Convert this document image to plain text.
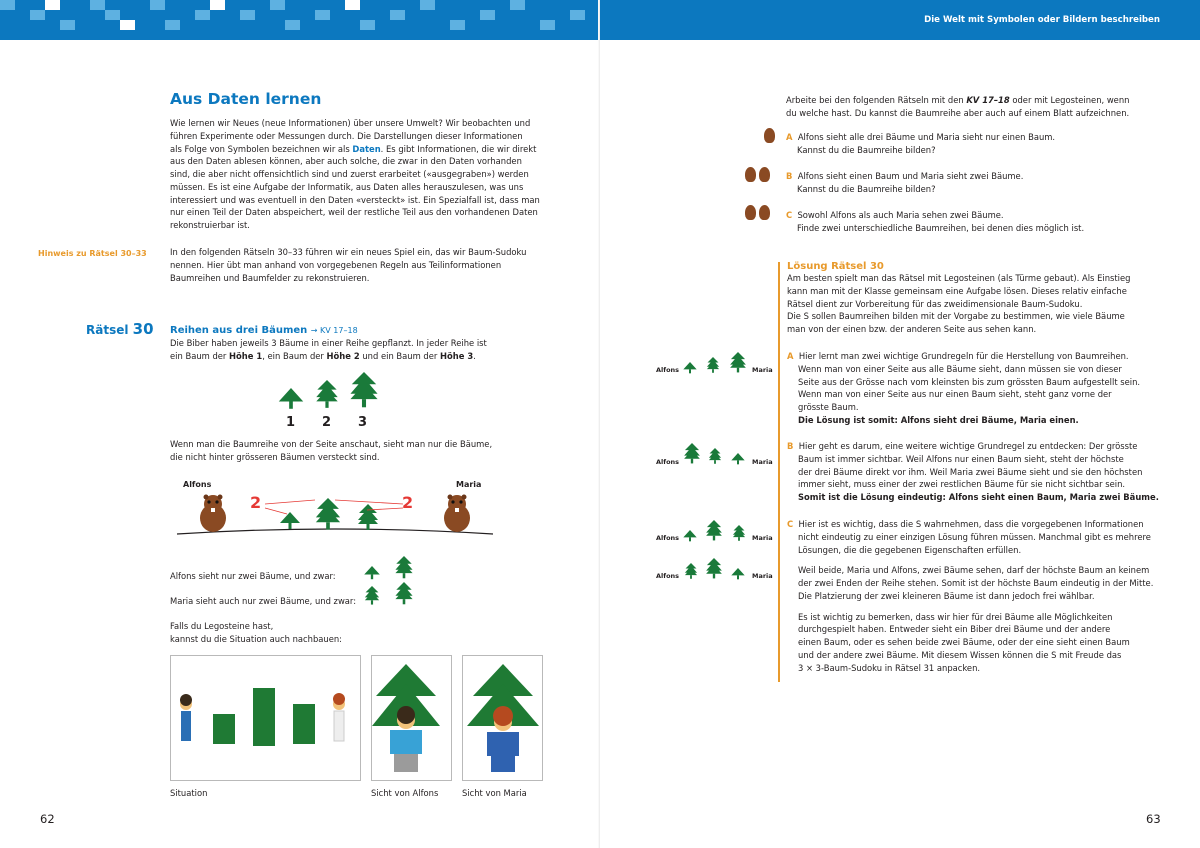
Aus Daten lernen
Wie lernen wir Neues (neue Informationen) über unsere Umwelt? Wir beobachten und
führen Experimente oder Messungen durch. Die Darstellungen dieser Informationen
als Folge von Symbolen bezeichnen wir als Daten. Es gibt Informationen, die wir direkt
aus den Daten ablesen können, aber auch solche, die zwar in den Daten vorhanden
sind, die aber nicht offensichtlich sind und zuerst erarbeitet («ausgegraben») werden
müssen. Es ist eine Aufgabe der Informatik, aus Daten alles herauszulesen, was uns
interessiert und was eventuell in den Daten «versteckt» ist. Ein Spezialfall ist, dass man
nur einen Teil der Daten abspeichert, weil der restliche Teil aus den vorhandenen Daten
rekonstruierbar ist.
Hinweis zu Rätsel 30–33	In den folgenden Rätseln 30–33 führen wir ein neues Spiel ein, das wir Baum-Sudoku
nennen. Hier übt man anhand von vorgegebenen Regeln aus Teilinformationen
Baumreihen und Baumfelder zu rekonstruieren.
Rätsel 30 Reihen aus drei Bäumen → KV 17–18
Die Biber haben jeweils 3 Bäume in einer Reihe gepflanzt. In jeder Reihe ist
ein Baum der Höhe 1, ein Baum der Höhe 2 und ein Baum der Höhe 3.
1 2 3
Wenn man die Baumreihe von der Seite anschaut, sieht man nur die Bäume,
die nicht hinter grösseren Bäumen versteckt sind.
Alfons	Maria
2	2
Alfons sieht nur zwei Bäume, und zwar:
Maria sieht auch nur zwei Bäume, und zwar:
Falls du Legosteine hast,
kannst du die Situation auch nachbauen:
Situation	Sicht von Alfons	Sicht von Maria
62
Die Welt mit Symbolen oder Bildern beschreiben
Arbeite bei den folgenden Rätseln mit den KV 17–18 oder mit Legosteinen, wenn
du welche hast. Du kannst die Baumreihe aber auch auf einem Blatt aufzeichnen.
A Alfons sieht alle drei Bäume und Maria sieht nur einen Baum.
Kannst du die Baumreihe bilden?

B Alfons sieht einen Baum und Maria sieht zwei Bäume.
Kannst du die Baumreihe bilden?

C Sowohl Alfons als auch Maria sehen zwei Bäume.
Finde zwei unterschiedliche Baumreihen, bei denen dies möglich ist.
Lösung Rätsel 30
Am besten spielt man das Rätsel mit Legosteinen (als Türme gebaut). Als Einstieg
kann man mit der Klasse gemeinsam eine Aufgabe lösen. Dieses relativ einfache
Rätsel dient zur Vorbereitung für das zweidimensionale Baum-Sudoku.
Die S sollen Baumreihen bilden mit der Vorgabe zu bestimmen, wie viele Bäume
man von der einen bzw. der anderen Seite aus sehen kann.
Alfons	Maria
Alfons	Maria
Alfons	Maria
Alfons	Maria
A Hier lernt man zwei wichtige Grundregeln für die Herstellung von Baumreihen.
Wenn man von einer Seite aus alle Bäume sieht, dann müssen sie von dieser
Seite aus der Grösse nach vom kleinsten bis zum grössten Baum aufgestellt sein.
Wenn man von einer Seite aus nur einen Baum sieht, steht ganz vorne der
grösste Baum.
Die Lösung ist somit: Alfons sieht drei Bäume, Maria einen.
B Hier geht es darum, eine weitere wichtige Grundregel zu entdecken: Der grösste
Baum ist immer sichtbar. Weil Alfons nur einen Baum sieht, steht der höchste
der drei Bäume direkt vor ihm. Weil Maria zwei Bäume sieht und sie den höchsten
immer sieht, muss einer der zwei restlichen Bäume für sie nicht sichtbar sein.
Somit ist die Lösung eindeutig: Alfons sieht einen Baum, Maria zwei Bäume.
C Hier ist es wichtig, dass die S wahrnehmen, dass die vorgegebenen Informationen
nicht eindeutig zu einer einzigen Lösung führen müssen. Manchmal gibt es mehrere
Lösungen, die die gegebenen Eigenschaften erfüllen.
Weil beide, Maria und Alfons, zwei Bäume sehen, darf der höchste Baum an keinem
der zwei Enden der Reihe stehen. Somit ist der höchste Baum eindeutig in der Mitte.
Die Platzierung der zwei kleineren Bäume ist dann jedoch frei wählbar.
Es ist wichtig zu bemerken, dass wir hier für drei Bäume alle Möglichkeiten
durchgespielt haben. Entweder sieht ein Biber drei Bäume und der andere
einen Baum, oder es sehen beide zwei Bäume, oder der eine sieht einen Baum
und der andere zwei Bäume. Mit diesem Wissen können die S mit Freude das
3 × 3-Baum-Sudoku in Rätsel 31 anpacken.
63
